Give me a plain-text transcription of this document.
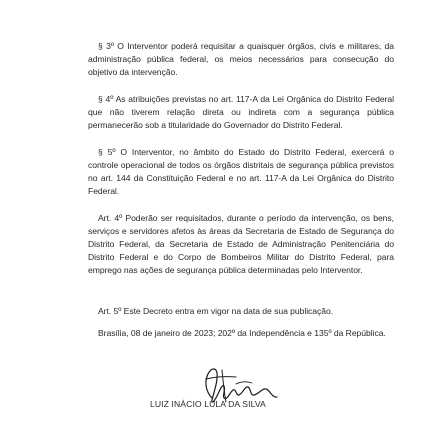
§ 3º O Interventor poderá requisitar a quaisquer órgãos, civis e militares, da administração pública federal, os meios necessários para consecução do objetivo da intervenção.

§ 4º As atribuições previstas no art. 117-A da Lei Orgânica do Distrito Federal que não tiverem relação direta ou indireta com a segurança pública permanecerão sob a titularidade do Governador do Distrito Federal.

§ 5º O Interventor, no âmbito do Estado do Distrito Federal, exercerá o controle operacional de todos os órgãos distritais de segurança pública previstos no art. 144 da Constituição Federal e no art. 117-A da Lei Orgânica do Distrito Federal.

Art. 4º Poderão ser requisitados, durante o período da intervenção, os bens, serviços e servidores afetos às áreas da Secretaria de Estado de Segurança do Distrito Federal, da Secretaria de Estado de Administração Penitenciária do Distrito Federal e do Corpo de Bombeiros Militar do Distrito Federal, para emprego nas ações de segurança pública determinadas pelo Interventor.

Art. 5º Este Decreto entra em vigor na data de sua publicação.

Brasília, 08 de janeiro de 2023; 202º da Independência e 135º da República.

LUIZ INÁCIO LULA DA SILVA
